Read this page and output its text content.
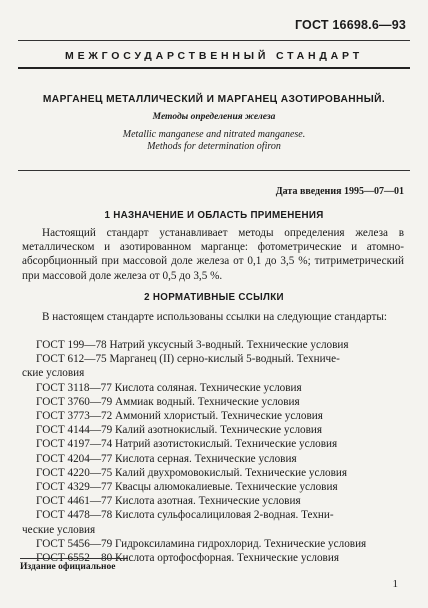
ГОСТ 16698.6—93
МЕЖГОСУДАРСТВЕННЫЙ СТАНДАРТ
МАРГАНЕЦ МЕТАЛЛИЧЕСКИЙ И МАРГАНЕЦ АЗОТИРОВАННЫЙ.
Методы определения железа
Metallic manganese and nitrated manganese.
Methods for determination ofiron
Дата введения 1995—07—01
1 НАЗНАЧЕНИЕ И ОБЛАСТЬ ПРИМЕНЕНИЯ

Настоящий стандарт устанавливает методы определения железа в металлическом и азотированном марганце: фотометрические и атомно-абсорбционный при массовой доле железа от 0,1 до 3,5 %; титриметрический при массовой доле железа от 0,5 до 3,5 %.

2 НОРМАТИВНЫЕ ССЫЛКИ

В настоящем стандарте использованы ссылки на следующие стандарты:

ГОСТ 199—78 Натрий уксусный 3-водный. Технические условия
ГОСТ 612—75 Марганец (II) серно-кислый 5-водный. Техниче-
ские условия
ГОСТ 3118—77 Кислота соляная. Технические условия
ГОСТ 3760—79 Аммиак водный. Технические условия
ГОСТ 3773—72 Аммоний хлористый. Технические условия
ГОСТ 4144—79 Калий азотнокислый. Технические условия
ГОСТ 4197—74 Натрий азотистокислый. Технические условия
ГОСТ 4204—77 Кислота серная. Технические условия
ГОСТ 4220—75 Калий двухромовокислый. Технические условия
ГОСТ 4329—77 Квасцы алюмокалиевые. Технические условия
ГОСТ 4461—77 Кислота азотная. Технические условия
ГОСТ 4478—78 Кислота сульфосалициловая 2-водная. Техни-
ческие условия
ГОСТ 5456—79 Гидроксиламина гидрохлорид. Технические условия
ГОСТ 6552—80 Кислота ортофосфорная. Технические условия
Издание официальное
1
